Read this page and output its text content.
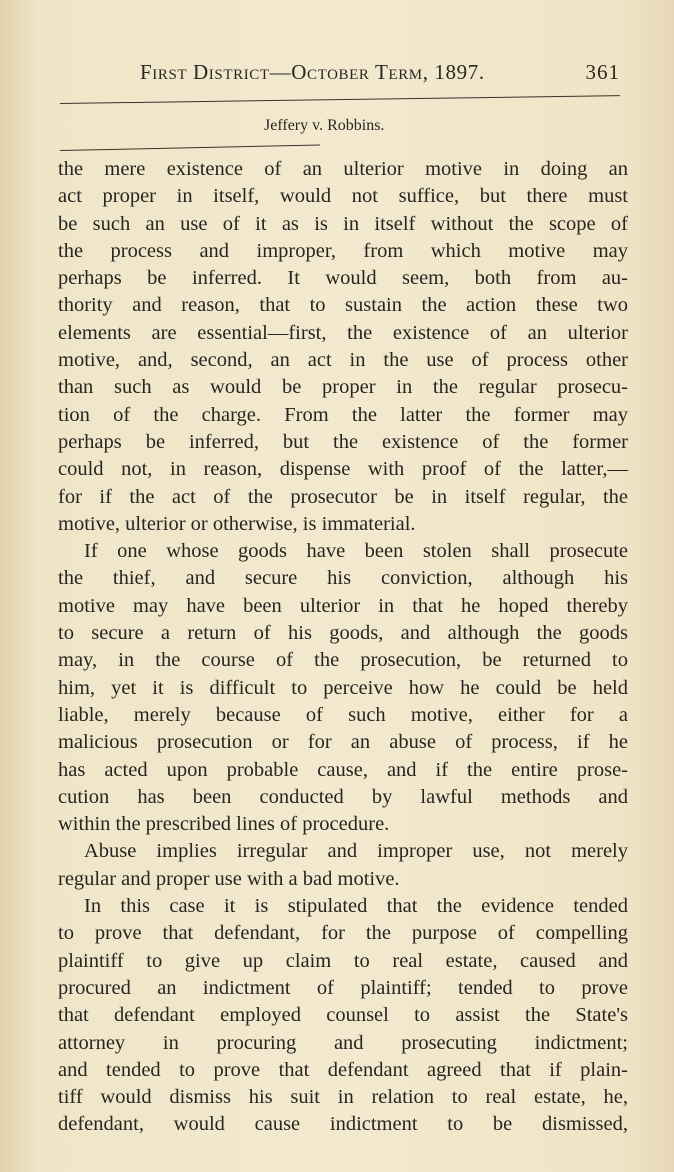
First District—October Term, 1897.	361
Jeffery v. Robbins.
the mere existence of an ulterior motive in doing an
act proper in itself, would not suffice, but there must
be such an use of it as is in itself without the scope of
the process and improper, from which motive may
perhaps be inferred. It would seem, both from au-
thority and reason, that to sustain the action these two
elements are essential—first, the existence of an ulterior
motive, and, second, an act in the use of process other
than such as would be proper in the regular prosecu-
tion of the charge. From the latter the former may
perhaps be inferred, but the existence of the former
could not, in reason, dispense with proof of the latter,—
for if the act of the prosecutor be in itself regular, the
motive, ulterior or otherwise, is immaterial.
If one whose goods have been stolen shall prosecute
the thief, and secure his conviction, although his
motive may have been ulterior in that he hoped thereby
to secure a return of his goods, and although the goods
may, in the course of the prosecution, be returned to
him, yet it is difficult to perceive how he could be held
liable, merely because of such motive, either for a
malicious prosecution or for an abuse of process, if he
has acted upon probable cause, and if the entire prose-
cution has been conducted by lawful methods and
within the prescribed lines of procedure.
Abuse implies irregular and improper use, not merely
regular and proper use with a bad motive.
In this case it is stipulated that the evidence tended
to prove that defendant, for the purpose of compelling
plaintiff to give up claim to real estate, caused and
procured an indictment of plaintiff; tended to prove
that defendant employed counsel to assist the State's
attorney in procuring and prosecuting indictment;
and tended to prove that defendant agreed that if plain-
tiff would dismiss his suit in relation to real estate, he,
defendant, would cause indictment to be dismissed,
